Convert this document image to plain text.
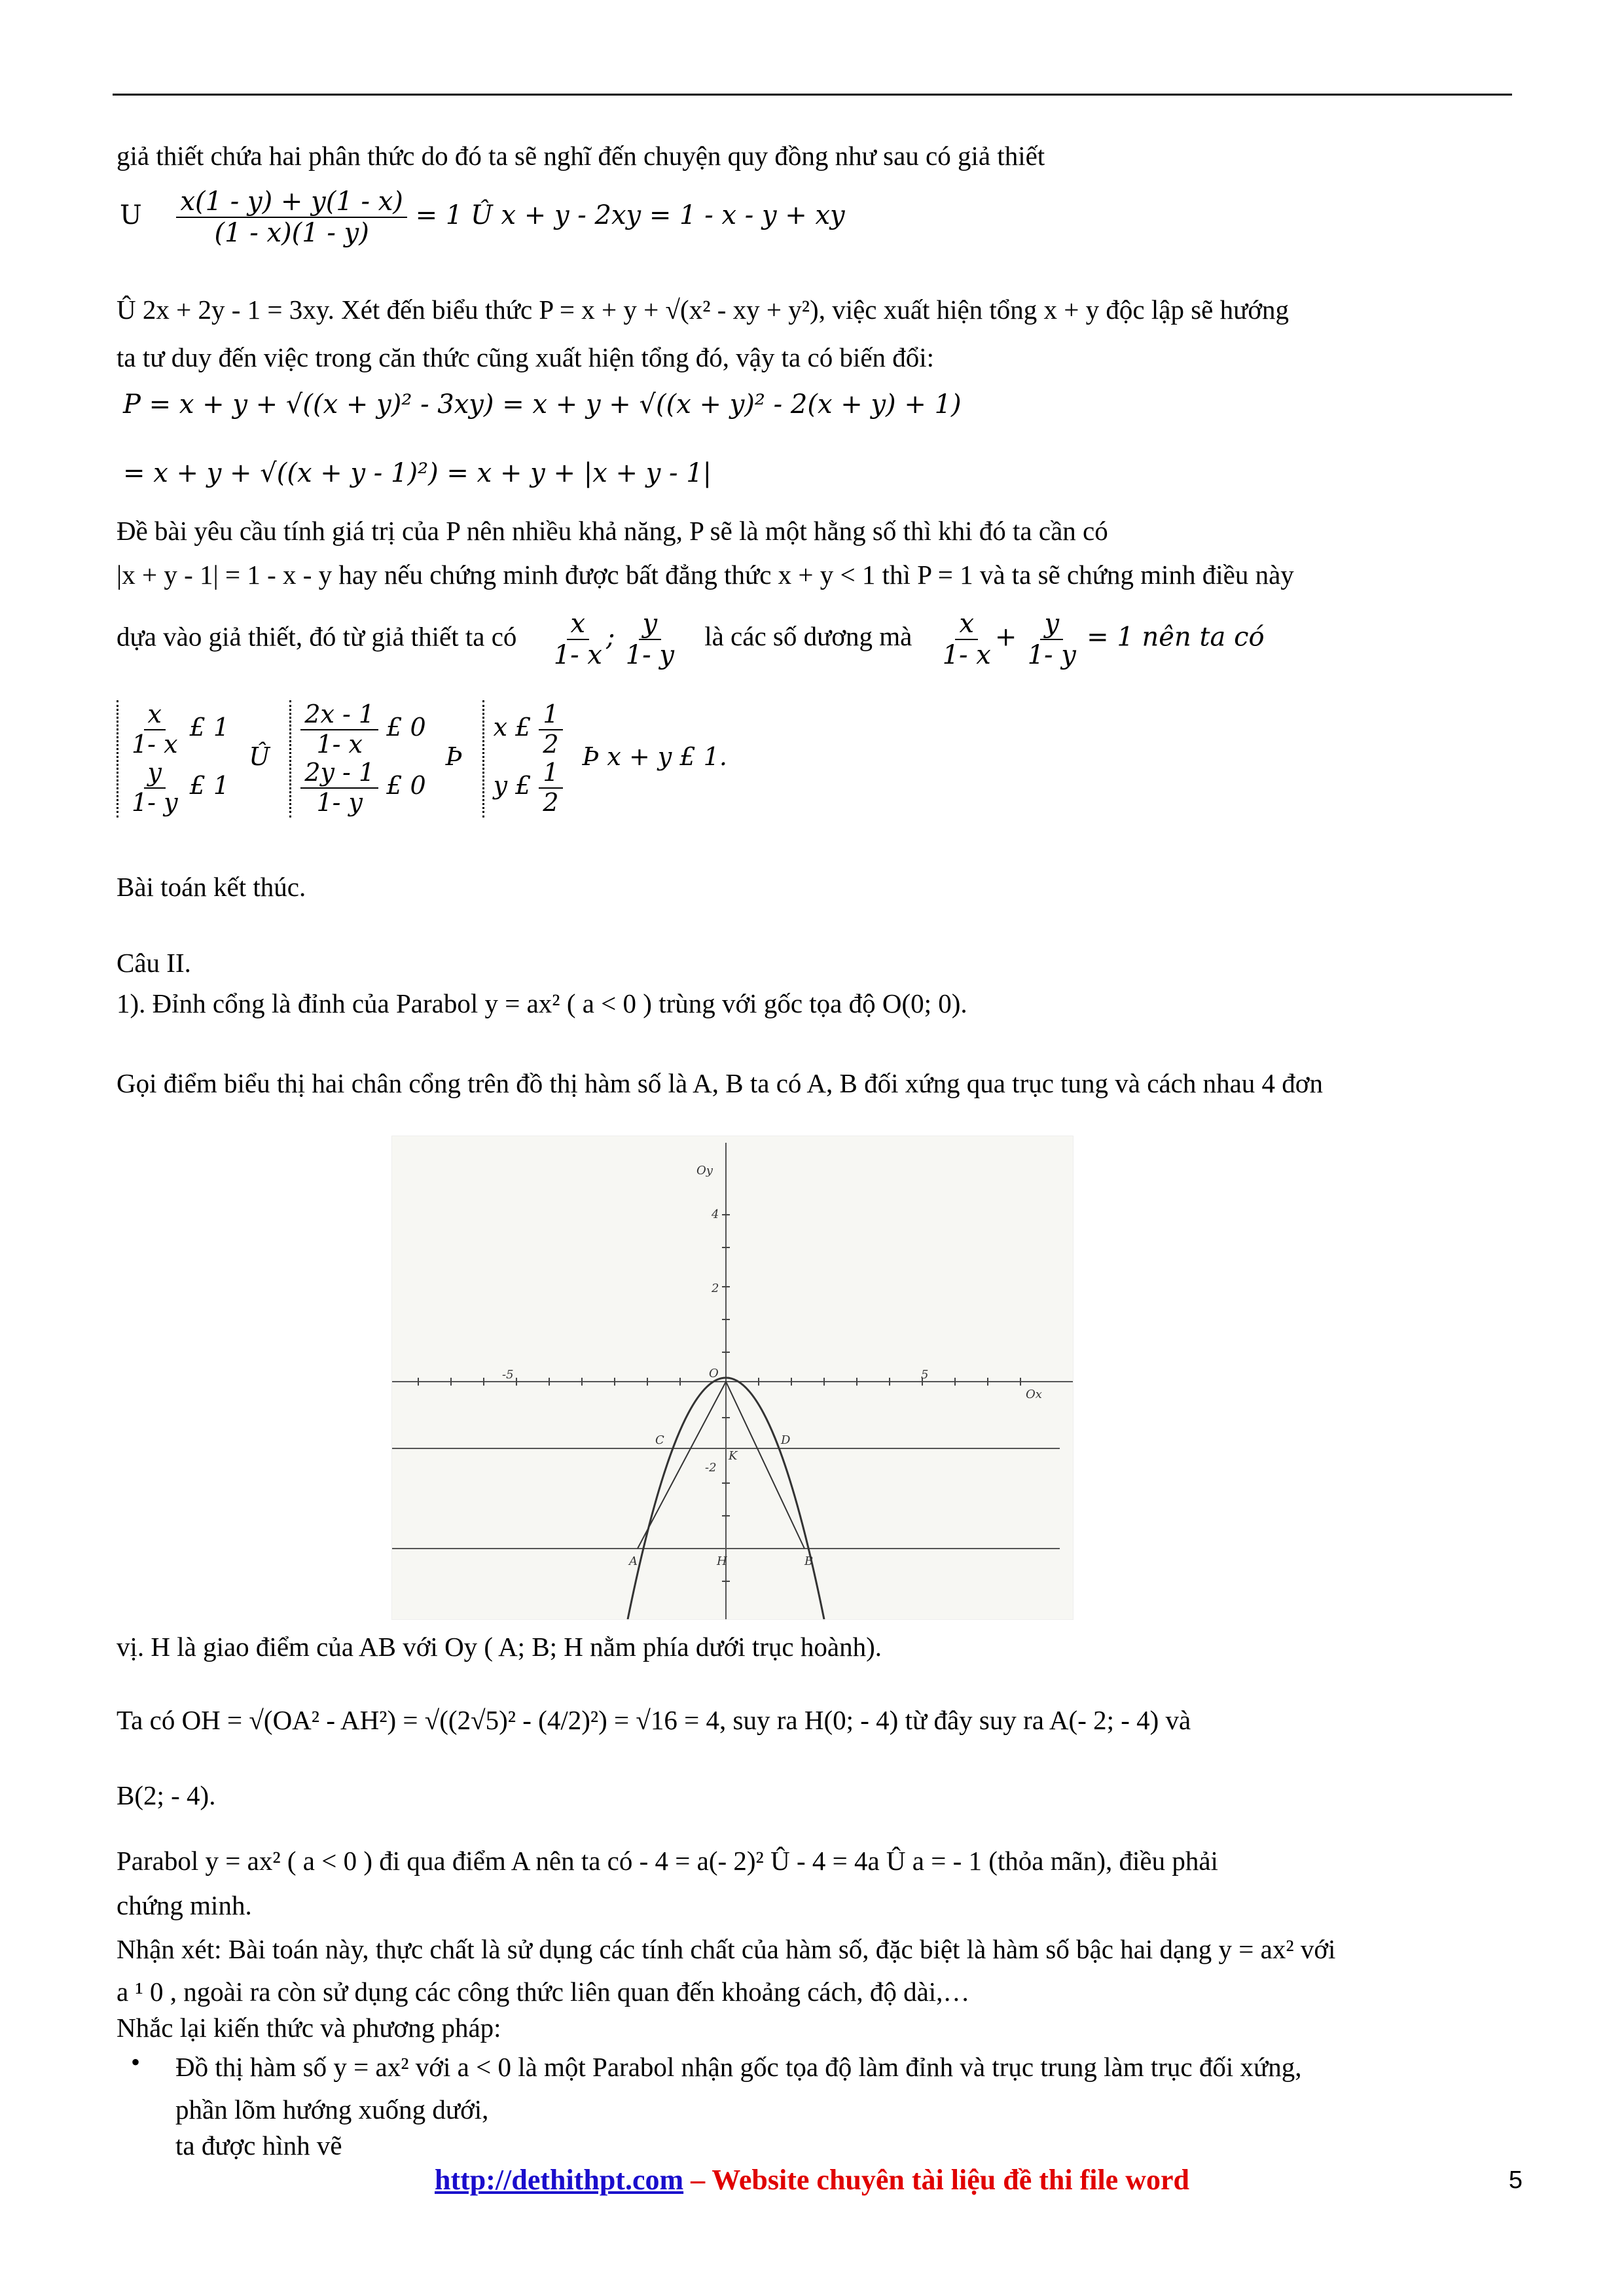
giả thiết chứa hai phân thức do đó ta sẽ nghĩ đến chuyện quy đồng như sau có giả thiết
U $\frac{x(1 - y) + y(1 - x)}{(1 - x)(1 - y)} = 1$ Û x + y - 2xy = 1 - x - y + xy
Û 2x + 2y - 1 = 3xy. Xét đến biểu thức P = x + y + √(x² - xy + y²), việc xuất hiện tổng x + y độc lập sẽ hướng
ta tư duy đến việc trong căn thức cũng xuất hiện tổng đó, vậy ta có biến đổi:
P = x + y + √((x + y)² - 3xy) = x + y + √((x + y)² - 2(x + y) + 1)
= x + y + √((x + y - 1)²) = x + y + |x + y - 1|
Đề bài yêu cầu tính giá trị của P nên nhiều khả năng, P sẽ là một hằng số thì khi đó ta cần có
|x + y - 1| = 1 - x - y hay nếu chứng minh được bất đẳng thức x + y < 1 thì P = 1 và ta sẽ chứng minh điều này
dựa vào giả thiết, đó từ giả thiết ta có $\frac{x}{1- x}$ ; $\frac{y}{1- y}$ là các số dương mà $\frac{x}{1- x} + \frac{y}{1- y} = 1$ nên ta có
$\frac{x}{1- x}$ £ 1
$\frac{y}{1- y}$ £ 1
Û $\frac{2x - 1}{1- x}$ £ 0
$\frac{2y - 1}{1- y}$ £ 0
Þ
x £ $\frac{1}{2}$
y £ $\frac{1}{2}$
Þ x + y £ 1.
Bài toán kết thúc.
Câu II.
1). Đỉnh cổng là đỉnh của Parabol y = ax² ( a < 0 ) trùng với gốc tọa độ O(0; 0).
Gọi điểm biểu thị hai chân cổng trên đồ thị hàm số là A, B ta có A, B đối xứng qua trục tung và cách nhau 4 đơn
Oy
Ox
O
4
2
-5	5
-2
C	D
K
A	H	B
vị. H là giao điểm của AB với Oy ( A; B; H nằm phía dưới trục hoành).
Ta có OH = √(OA² - AH²) = √((2√5)² - (4/2)²) = √16 = 4, suy ra H(0; - 4) từ đây suy ra A(- 2; - 4) và
B(2; - 4).
Parabol y = ax² ( a < 0 ) đi qua điểm A nên ta có - 4 = a(- 2)² Û - 4 = 4a Û a = - 1 (thỏa mãn), điều phải
chứng minh.
Nhận xét: Bài toán này, thực chất là sử dụng các tính chất của hàm số, đặc biệt là hàm số bậc hai dạng y = ax² với
a ¹ 0 , ngoài ra còn sử dụng các công thức liên quan đến khoảng cách, độ dài,…
Nhắc lại kiến thức và phương pháp:
• Đồ thị hàm số y = ax² với a < 0 là một Parabol nhận gốc tọa độ làm đỉnh và trục trung làm trục đối xứng,
phần lõm hướng xuống dưới,
ta được hình vẽ
http://dethithpt.com – Website chuyên tài liệu đề thi file word	5
